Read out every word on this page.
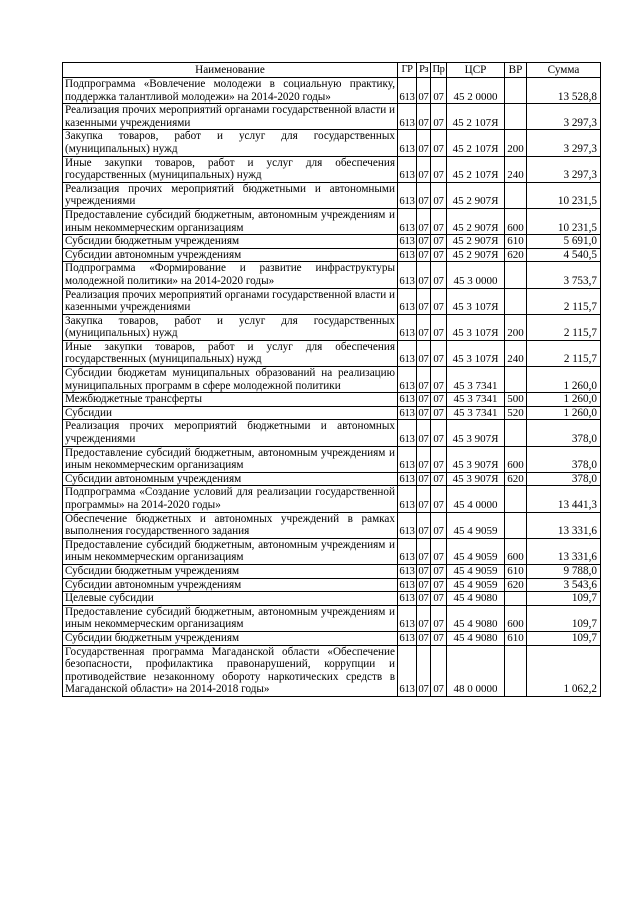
Наименование	ГР	Рз	Пр	ЦСР	ВР	Сумма
Подпрограмма «Вовлечение молодежи в социальную практику, поддержка талантливой молодежи» на 2014-2020 годы»	613	07	07	45 2 0000		13 528,8
Реализация прочих мероприятий органами государственной власти и казенными учреждениями	613	07	07	45 2 107Я		3 297,3
Закупка товаров, работ и услуг для государственных (муниципальных) нужд	613	07	07	45 2 107Я	200	3 297,3
Иные закупки товаров, работ и услуг для обеспечения государственных (муниципальных) нужд	613	07	07	45 2 107Я	240	3 297,3
Реализация прочих мероприятий бюджетными и автономными учреждениями	613	07	07	45 2 907Я		10 231,5
Предоставление субсидий бюджетным, автономным учреждениям и иным некоммерческим организациям	613	07	07	45 2 907Я	600	10 231,5
Субсидии бюджетным учреждениям	613	07	07	45 2 907Я	610	5 691,0
Субсидии автономным учреждениям	613	07	07	45 2 907Я	620	4 540,5
Подпрограмма «Формирование и развитие инфраструктуры молодежной политики» на 2014-2020 годы»	613	07	07	45 3 0000		3 753,7
Реализация прочих мероприятий органами государственной власти и казенными учреждениями	613	07	07	45 3 107Я		2 115,7
Закупка товаров, работ и услуг для государственных (муниципальных) нужд	613	07	07	45 3 107Я	200	2 115,7
Иные закупки товаров, работ и услуг для обеспечения государственных (муниципальных) нужд	613	07	07	45 3 107Я	240	2 115,7
Субсидии бюджетам муниципальных образований на реализацию муниципальных программ в сфере молодежной политики	613	07	07	45 3 7341		1 260,0
Межбюджетные трансферты	613	07	07	45 3 7341	500	1 260,0
Субсидии	613	07	07	45 3 7341	520	1 260,0
Реализация прочих мероприятий бюджетными и автономных учреждениями	613	07	07	45 3 907Я		378,0
Предоставление субсидий бюджетным, автономным учреждениям и иным некоммерческим организациям	613	07	07	45 3 907Я	600	378,0
Субсидии автономным учреждениям	613	07	07	45 3 907Я	620	378,0
Подпрограмма «Создание условий для реализации государственной программы» на 2014-2020 годы»	613	07	07	45 4 0000		13 441,3
Обеспечение бюджетных и автономных учреждений в рамках выполнения государственного задания	613	07	07	45 4 9059		13 331,6
Предоставление субсидий бюджетным, автономным учреждениям и иным некоммерческим организациям	613	07	07	45 4 9059	600	13 331,6
Субсидии бюджетным учреждениям	613	07	07	45 4 9059	610	9 788,0
Субсидии автономным учреждениям	613	07	07	45 4 9059	620	3 543,6
Целевые субсидии	613	07	07	45 4 9080		109,7
Предоставление субсидий бюджетным, автономным учреждениям и иным некоммерческим организациям	613	07	07	45 4 9080	600	109,7
Субсидии бюджетным учреждениям	613	07	07	45 4 9080	610	109,7
Государственная программа Магаданской области «Обеспечение безопасности, профилактика правонарушений, коррупции и противодействие незаконному обороту наркотических средств в Магаданской области» на 2014-2018 годы»	613	07	07	48 0 0000		1 062,2
